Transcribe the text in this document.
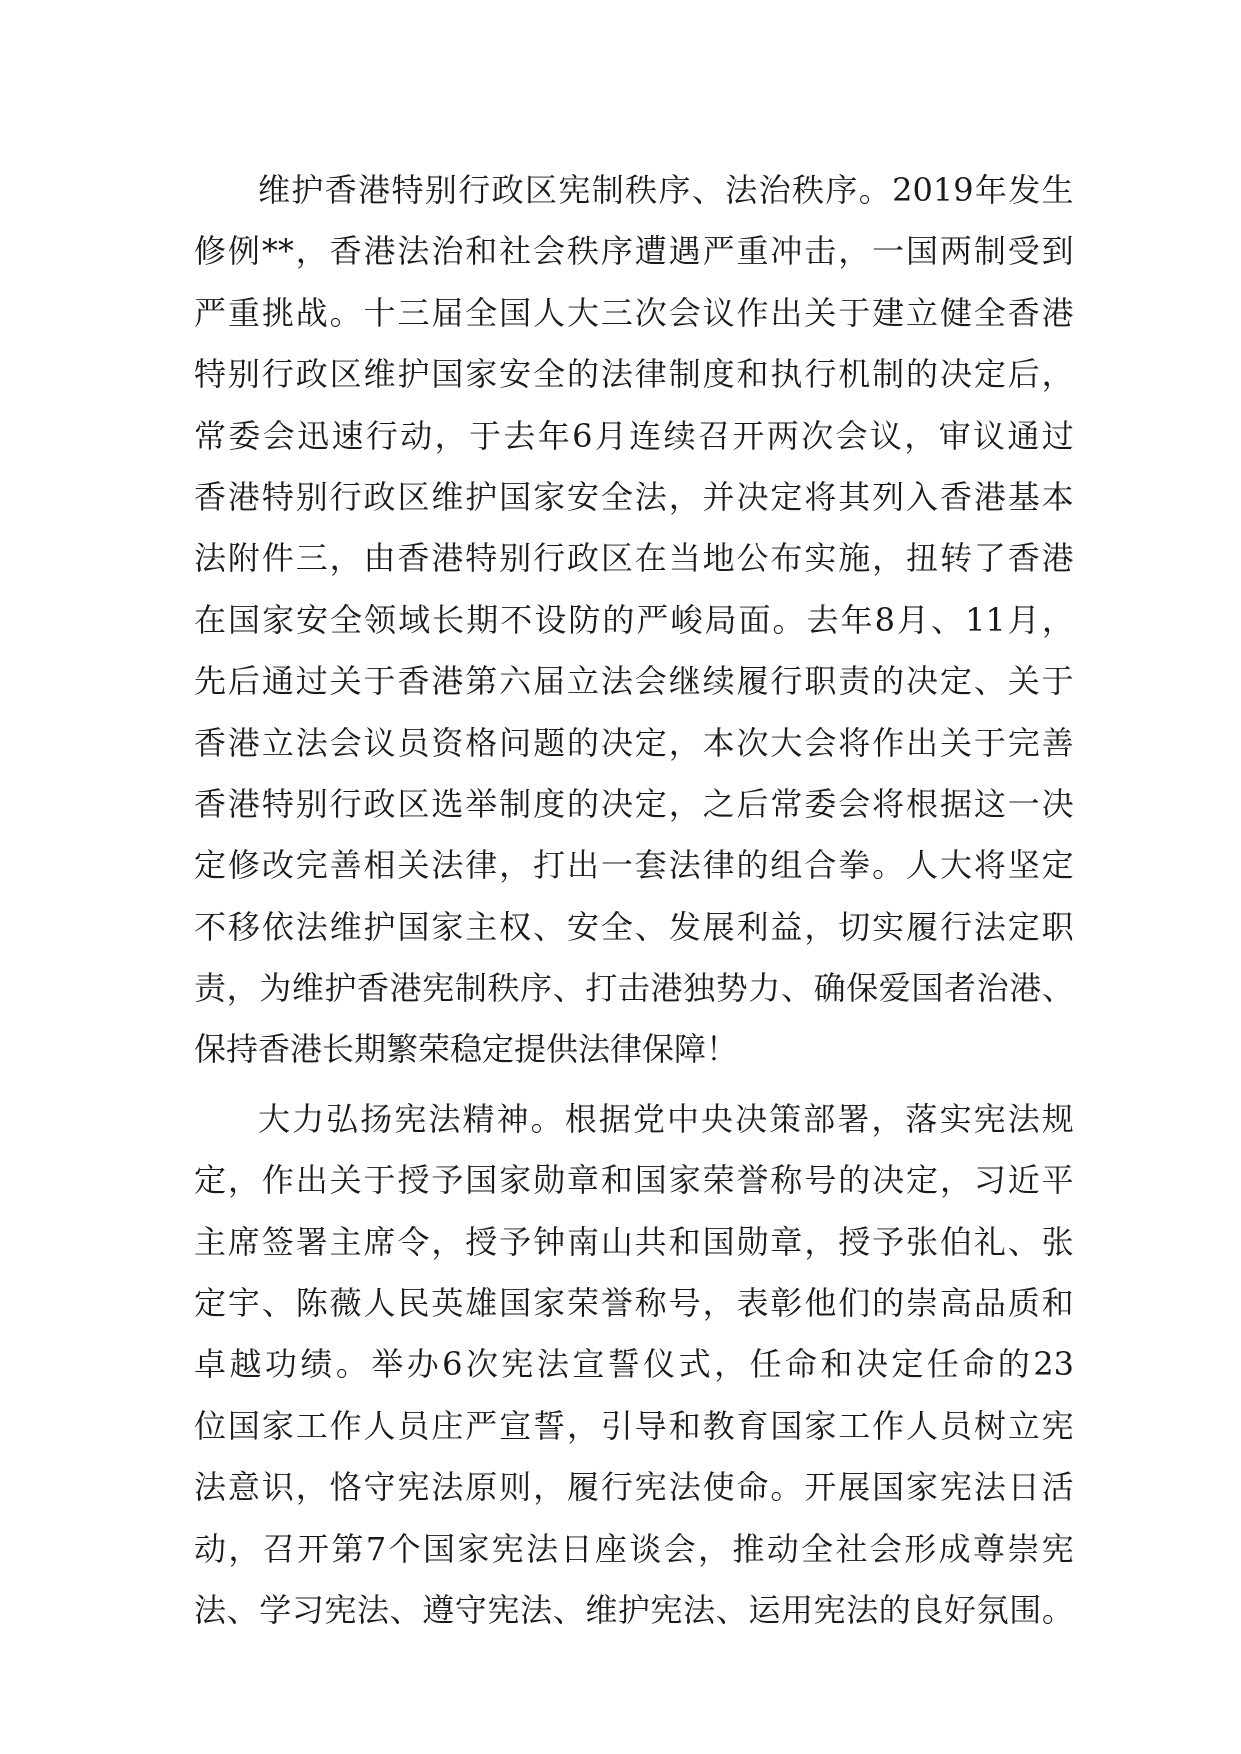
维 护 香 港 特 别 行 政 区 宪 制 秩 序 、 法 治 秩 序 。 2019 年 发 生
修 例 ** ， 香 港 法 治 和 社 会 秩 序 遭 遇 严 重 冲 击 ， 一 国 两 制 受 到
严 重 挑 战 。 十 三 届 全 国 人 大 三 次 会 议 作 出 关 于 建 立 健 全 香 港
特 别 行 政 区 维 护 国 家 安 全 的 法 律 制 度 和 执 行 机 制 的 决 定 后 ，
常 委 会 迅 速 行 动 ， 于 去 年 6 月 连 续 召 开 两 次 会 议 ， 审 议 通 过
香 港 特 别 行 政 区 维 护 国 家 安 全 法 ， 并 决 定 将 其 列 入 香 港 基 本
法 附 件 三 ， 由 香 港 特 别 行 政 区 在 当 地 公 布 实 施 ， 扭 转 了 香 港
在 国 家 安 全 领 域 长 期 不 设 防 的 严 峻 局 面 。 去 年 8 月 、 11 月 ，
先 后 通 过 关 于 香 港 第 六 届 立 法 会 继 续 履 行 职 责 的 决 定 、 关 于
香 港 立 法 会 议 员 资 格 问 题 的 决 定 ， 本 次 大 会 将 作 出 关 于 完 善
香 港 特 别 行 政 区 选 举 制 度 的 决 定 ， 之 后 常 委 会 将 根 据 这 一 决
定 修 改 完 善 相 关 法 律 ， 打 出 一 套 法 律 的 组 合 拳 。 人 大 将 坚 定
不 移 依 法 维 护 国 家 主 权 、 安 全 、 发 展 利 益 ， 切 实 履 行 法 定 职
责 ， 为 维 护 香 港 宪 制 秩 序 、 打 击 港 独 势 力 、 确 保 爱 国 者 治 港 、
保持香港长期繁荣稳定提供法律保障！
大 力 弘 扬 宪 法 精 神 。 根 据 党 中 央 决 策 部 署 ， 落 实 宪 法 规
定 ， 作 出 关 于 授 予 国 家 勋 章 和 国 家 荣 誉 称 号 的 决 定 ， 习 近 平
主 席 签 署 主 席 令 ， 授 予 钟 南 山 共 和 国 勋 章 ， 授 予 张 伯 礼 、 张
定 宇 、 陈 薇 人 民 英 雄 国 家 荣 誉 称 号 ， 表 彰 他 们 的 崇 高 品 质 和
卓 越 功 绩 。 举 办 6 次 宪 法 宣 誓 仪 式 ， 任 命 和 决 定 任 命 的 23
位 国 家 工 作 人 员 庄 严 宣 誓 ， 引 导 和 教 育 国 家 工 作 人 员 树 立 宪
法 意 识 ， 恪 守 宪 法 原 则 ， 履 行 宪 法 使 命 。 开 展 国 家 宪 法 日 活
动 ， 召 开 第 7 个 国 家 宪 法 日 座 谈 会 ， 推 动 全 社 会 形 成 尊 崇 宪
法 、 学 习 宪 法 、 遵 守 宪 法 、 维 护 宪 法 、 运 用 宪 法 的 良 好 氛 围 。
